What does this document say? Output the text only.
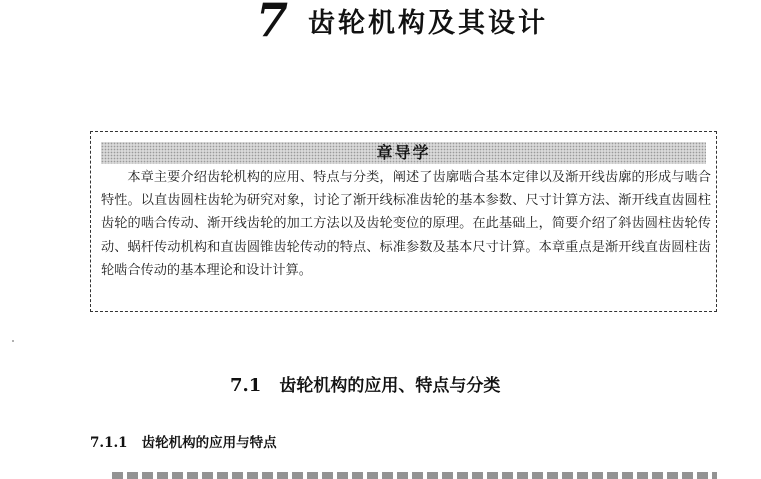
7 齿轮机构及其设计
章导学

本章主要介绍齿轮机构的应用、特点与分类，阐述了齿廓啮合基本定律以及渐开线齿廓的形成与啮合特性。以直齿圆柱齿轮为研究对象，讨论了渐开线标准齿轮的基本参数、尺寸计算方法、渐开线直齿圆柱齿轮的啮合传动、渐开线齿轮的加工方法以及齿轮变位的原理。在此基础上，简要介绍了斜齿圆柱齿轮传动、蜗杆传动机构和直齿圆锥齿轮传动的特点、标准参数及基本尺寸计算。本章重点是渐开线直齿圆柱齿轮啮合传动的基本理论和设计计算。

7.1 齿轮机构的应用、特点与分类
7.1.1 齿轮机构的应用与特点
